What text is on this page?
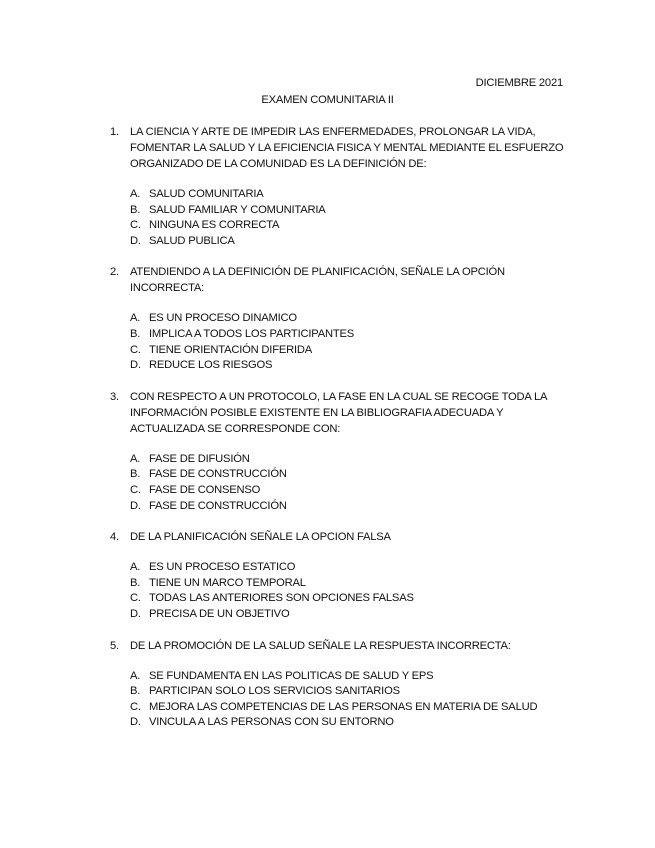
DICIEMBRE 2021
EXAMEN COMUNITARIA II
1. LA CIENCIA Y ARTE DE IMPEDIR LAS ENFERMEDADES, PROLONGAR LA VIDA, FOMENTAR LA SALUD Y LA EFICIENCIA FISICA Y MENTAL MEDIANTE EL ESFUERZO ORGANIZADO DE LA COMUNIDAD ES LA DEFINICIÓN DE:
A. SALUD COMUNITARIA
B. SALUD FAMILIAR Y COMUNITARIA
C. NINGUNA ES CORRECTA
D. SALUD PUBLICA
2. ATENDIENDO A LA DEFINICIÓN DE PLANIFICACIÓN, SEÑALE LA OPCIÓN INCORRECTA:
A. ES UN PROCESO DINAMICO
B. IMPLICA A TODOS LOS PARTICIPANTES
C. TIENE ORIENTACIÓN DIFERIDA
D. REDUCE LOS RIESGOS
3. CON RESPECTO A UN PROTOCOLO, LA FASE EN LA CUAL SE RECOGE TODA LA INFORMACIÓN POSIBLE EXISTENTE EN LA BIBLIOGRAFIA ADECUADA Y ACTUALIZADA SE CORRESPONDE CON:
A. FASE DE DIFUSIÓN
B. FASE DE CONSTRUCCIÓN
C. FASE DE CONSENSO
D. FASE DE CONSTRUCCIÓN
4. DE LA PLANIFICACIÓN SEÑALE LA OPCION FALSA
A. ES UN PROCESO ESTATICO
B. TIENE UN MARCO TEMPORAL
C. TODAS LAS ANTERIORES SON OPCIONES FALSAS
D. PRECISA DE UN OBJETIVO
5. DE LA PROMOCIÓN DE LA SALUD SEÑALE LA RESPUESTA INCORRECTA:
A. SE FUNDAMENTA EN LAS POLITICAS DE SALUD Y EPS
B. PARTICIPAN SOLO LOS SERVICIOS SANITARIOS
C. MEJORA LAS COMPETENCIAS DE LAS PERSONAS EN MATERIA DE SALUD
D. VINCULA A LAS PERSONAS CON SU ENTORNO
